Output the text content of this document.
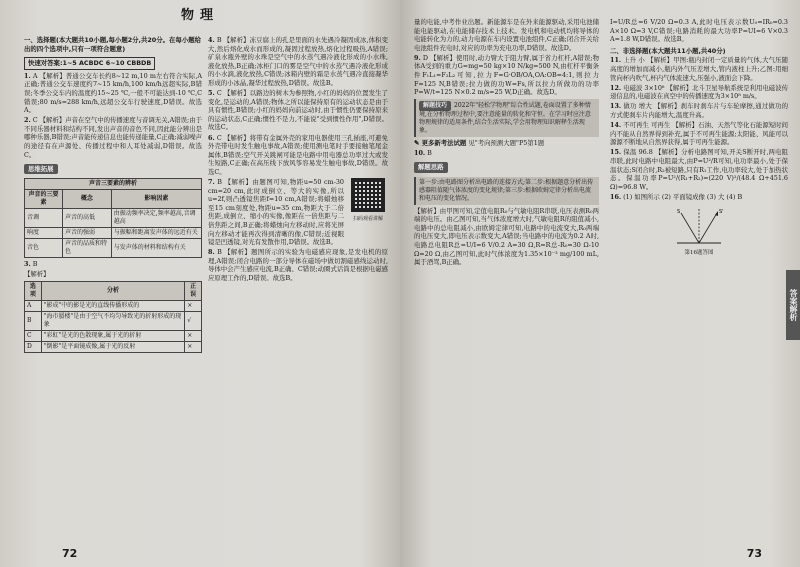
物理
一、选择题(本大题共10小题,每小题2分,共20分。在每小题给出的四个选项中,只有一项符合题意)
快速对答案:1~5 ACBDC 6~10 CBBDB

1. A 【解析】普通公交车长约8~12 m,10 m左右符合实际,A正确;普通公交车速度约7~15 km/h,100 km/h远超实际,B错误;冬季公交车内的温度约15~25 ℃,一般不可能达到-10 ℃,C错误;80 m/s=288 km/h,远超公交车行驶速度,D错误。故选A。

2. C 【解析】声音在空气中的传播速度与音调无关,A错误;由于不同乐器材料和结构不同,发出声音的音色不同,因此能分辨出是哪种乐器,B错误;声音能传递信息也能传递能量,C正确;减弱噪声的途径有在声源处、传播过程中和人耳处减弱,D错误。故选C。

思维拓展
声音三要素的辨析		
声音的三要素	概念	影响因素
音调	声音的高低	由振动频率决定,频率越高,音调越高
响度	声音的强弱	与振幅和距离发声体的远近有关
音色	声音的品质和特色	与发声体的材料和结构有关

3. B

【解析】

选项	分析	正误
A	"影成"中的影是光的直线传播形成的	×
B	"海市蜃楼"是由于空气不均匀导致光的折射形成的现象	√
C	"彩虹"是光的色散现象,属于光的折射	×
D	"倒影"是平面镜成像,属于光的反射	×

4. B 【解析】冻豆腐上的孔是里面的水先遇冷凝固成冰,体积变大,然后熔化成水而形成的,凝固过程放热,熔化过程吸热,A错误;矿泉水瓶外壁的水珠是空气中的水蒸气遇冷液化形成的小水珠,液化放热,B正确;冰柜门口的雾是空气中的水蒸气遇冷液化形成的小水滴,液化放热,C错误;冰箱内壁的霜是水蒸气遇冷直接凝华形成的小冰晶,凝华过程放热,D错误。故选B。

5. C 【解析】以路边的树木为参照物,小红的妈妈的位置发生了变化,是运动的,A错误;物体之所以能保持原有的运动状态是由于具有惯性,B错误;小红的妈妈向前运动时,由于惯性仍要保持原来的运动状态,C正确;惯性不是力,不能说"受到惯性作用",D错误。故选C。

6. C 【解析】将带有金属外壳的家用电器使用三孔插座,可避免外壳带电时发生触电事故,A错误;使用测电笔时手要接触笔尾金属体,B错误;空气开关跳闸可能是电路中用电器总功率过大或发生短路,C正确;在高压线下放风筝容易发生触电事故,D错误。故选C。

7. B 【解析】由题图可知,物距u=50 cm-30 cm=20 cm,此时成倒立、等大的实像,所以u=2f,则凸透镜焦距f=10 cm,A错误;将蜡烛移至15 cm刻度处,物距u=35 cm,物距大于二倍焦距,成倒立、缩小的实像,像距在一倍焦距与二倍焦距之间,B正确;将蜡烛向左移动时,应将光屏向左移动才能再次得到清晰的像,C错误;近视眼镜是凹透镜,对光有发散作用,D错误。故选B。

扫码观看讲解

8. B 【解析】题图所示的实验为电磁感应现象,是发电机的原理,A错误;闭合电路的一部分导体在磁场中做切割磁感线运动时,导体中会产生感应电流,B正确、C错误;动圈式话筒是根据电磁感应原理工作的,D错误。故选B。

72

量的电能,中考作业出题。新能源车是在外来能源驱动,采用电池储能电能驱动,在电能储存技术上技术。发电机和电动机均将导体的电能转化为力的,动力电源在车内设置电池组件,C正确;闭合开关给电池组件充电时,对应的功率为充电功率,D错误。故选D。

9. D 【解析】使用时,动力臂大于阻力臂,属于省力杠杆,A错误;物体A受到的重力G=mg=50 kg×10 N/kg=500 N,由杠杆平衡条件F₁L₁=F₂L₂可知,拉力F=G·OB/OA,OA:OB=4:1,则拉力F=125 N,B错误;拉力做的功W=Fs,所以拉力所做功的功率P=W/t=125 N×0.2 m/s=25 W,D正确。故选D。

解题技巧 2022年"轻松学物理"综合性试题,卷面设置了多种情境,在分析物理过程中,要注意能量的转化和守恒。在学习时应注意物理规律的适用条件,结合生活实际,学会用物理知识解释生活现象。

✎ 更多新考法试题 见"考向预测大题"P5第1题

10. B

解题思路
第一步:由电路图分析出电路的连接方式;第二步:根据题意分析出传感器阻值随气体浓度的变化规律;第三步:根据欧姆定律分析出电流和电压的变化情况。

【解析】由甲图可知,定值电阻R₀与气敏电阻R串联,电压表测R₀两端的电压。由乙图可知,当气体浓度增大时,气敏电阻R的阻值减小,电路中的总电阻减小,由欧姆定律可知,电路中的电流变大,R₀两端的电压变大,即电压表示数变大,A错误;当电路中的电流为0.2 A时,电路总电阻R总=U/I=6 V/0.2 A=30 Ω,R=R总-R₀=30 Ω-10 Ω=20 Ω,由乙图可知,此时气体浓度为1.35×10⁻³ mg/100 mL,属于酒驾,B正确。

I=U/R总=6 V/20 Ω=0.3 A,此时电压表示数U₀=IR₀=0.3 A×10 Ω=3 V,C错误;电路消耗的最大功率P=UI=6 V×0.3 A=1.8 W,D错误。故选B。

二、非选择题(本大题共11小题,共40分)

11. 上升 小 【解析】甲图:瓶内封闭一定质量的气体,大气压随高度的增加而减小,瓶内外气压差增大,管内液柱上升;乙图:用细管向杯内吹气,杯内气体流速大,压强小,液面会下降。

12. 电磁波 3×10⁸ 【解析】北斗卫星导航系统是利用电磁波传递信息的,电磁波在真空中的传播速度为3×10⁸ m/s。

13. 做功 增大 【解析】刹车时刹车片与车轮摩擦,通过做功的方式使刹车片内能增大,温度升高。

14. 不可再生 可再生 【解析】石油、天然气等化石能源短时间内不能从自然界得到补充,属于不可再生能源;太阳能、风能可以源源不断地从自然界获得,属于可再生能源。

15. 保温 96.8 【解析】分析电路图可知,开关S断开时,两电阻串联,此时电路中电阻最大,由P=U²/R可知,电功率最小,处于保温状态;S闭合时,R₂被短路,只有R₁工作,电功率较大,处于加热状态。保温功率P=U²/(R₁+R₂)=(220 V)²/(48.4 Ω+451.6 Ω)=96.8 W。

16. (1) 如图所示 (2) 平面镜成像 (3) 大 (4) B

S	S'
第16题答图
答案解析
73
